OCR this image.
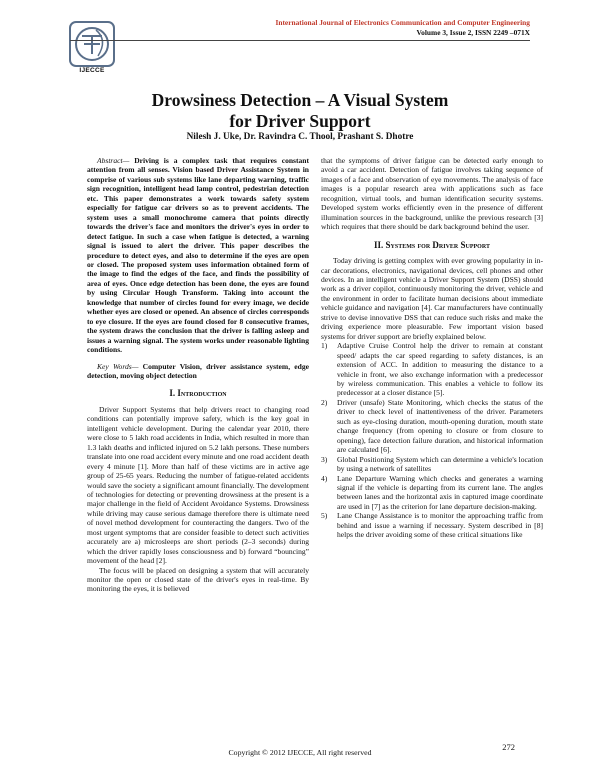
IJECCE
International Journal of Electronics Communication and Computer Engineering
Volume 3, Issue 2, ISSN 2249 –071X
Drowsiness Detection – A Visual System
for Driver Support
Nilesh J. Uke, Dr. Ravindra C. Thool, Prashant S. Dhotre

Abstract— Driving is a complex task that requires constant attention from all senses. Vision based Driver Assistance System in comprise of various sub systems like lane departing warning, traffic sign recognition, intelligent head lamp control, pedestrian detection etc. This paper demonstrates a work towards safety system especially for fatigue car drivers so as to prevent accidents. The system uses a small monochrome camera that points directly towards the driver's face and monitors the driver's eyes in order to detect fatigue. In such a case when fatigue is detected, a warning signal is issued to alert the driver. This paper describes the procedure to detect eyes, and also to determine if the eyes are open or closed. The proposed system uses information obtained form of the image to find the edges of the face, and finds the possibility of area of eyes. Once edge detection has been done, the eyes are found by using Circular Hough Transform. Taking into account the knowledge that number of circles found for every image, we decide whether eyes are closed or opened. An absence of circles corresponds to eye closure. If the eyes are found closed for 8 consecutive frames, the system draws the conclusion that the driver is falling asleep and issues a warning signal. The system works under reasonable lighting conditions.

Key Words— Computer Vision, driver assistance system, edge detection, moving object detection

I. Introduction

Driver Support Systems that help drivers react to changing road conditions can potentially improve safety, which is the key goal in intelligent vehicle development. During the calendar year 2010, there were close to 5 lakh road accidents in India, which resulted in more than 1.3 lakh deaths and inflicted injured on 5.2 lakh persons. These numbers translate into one road accident every minute and one road accident death every 4 minute [1]. More than half of these victims are in active age group of 25-65 years. Reducing the number of fatigue-related accidents would save the society a significant amount financially. The development of technologies for detecting or preventing drowsiness at the present is a major challenge in the field of Accident Avoidance Systems. Drowsiness while driving may cause serious damage therefore there is ultimate need of novel method development for counteracting the dangers. Two of the most urgent symptoms that are consider feasible to detect such activities accurately are a) microsleeps are short periods (2–3 seconds) during which the driver rapidly loses consciousness and b) forward “bouncing” movement of the head [2].

The focus will be placed on designing a system that will accurately monitor the open or closed state of the driver's eyes in real-time. By monitoring the eyes, it is believed

that the symptoms of driver fatigue can be detected early enough to avoid a car accident. Detection of fatigue involves taking sequence of images of a face and observation of eye movements. The analysis of face images is a popular research area with applications such as face recognition, virtual tools, and human identification security systems. Developed system works efficiently even in the presence of different illumination sources in the background, unlike the previous research [3] which requires that there should be dark background behind the user.

II. Systems for Driver Support

Today driving is getting complex with ever growing popularity in in-car decorations, electronics, navigational devices, cell phones and other devices. In an intelligent vehicle a Driver Support System (DSS) should work as a driver copilot, continuously monitoring the driver, vehicle and the environment in order to facilitate human decisions about immediate vehicle guidance and navigation [4]. Car manufacturers have continually strive to devise innovative DSS that can reduce such risks and make the driving experience more pleasurable. Few important vision based systems for driver support are briefly explained below.

1)	Adaptive Cruise Control help the driver to remain at constant speed/ adapts the car speed regarding to safety distances, is an extension of ACC. In addition to measuring the distance to a vehicle in front, we also exchange information with a predecessor by wireless communication. This enables a vehicle to follow its predecessor at a closer distance [5].
2)	Driver (unsafe) State Monitoring, which checks the status of the driver to check level of inattentiveness of the driver. Parameters such as eye-closing duration, mouth-opening duration, mouth state change frequency (from opening to closure or from closure to opening), face detection failure duration, and historical information are calculated [6].
3)	Global Positioning System which can determine a vehicle's location by using a network of satellites
4)	Lane Departure Warning which checks and generates a warning signal if the vehicle is departing from its current lane. The angles between lanes and the horizontal axis in captured image coordinate are used in [7] as the criterion for lane departure decision-making.
5)	Lane Change Assistance is to monitor the approaching traffic from behind and issue a warning if necessary. System described in [8] helps the driver avoiding some of these critical situations like
Copyright © 2012 IJECCE, All right reserved
272
